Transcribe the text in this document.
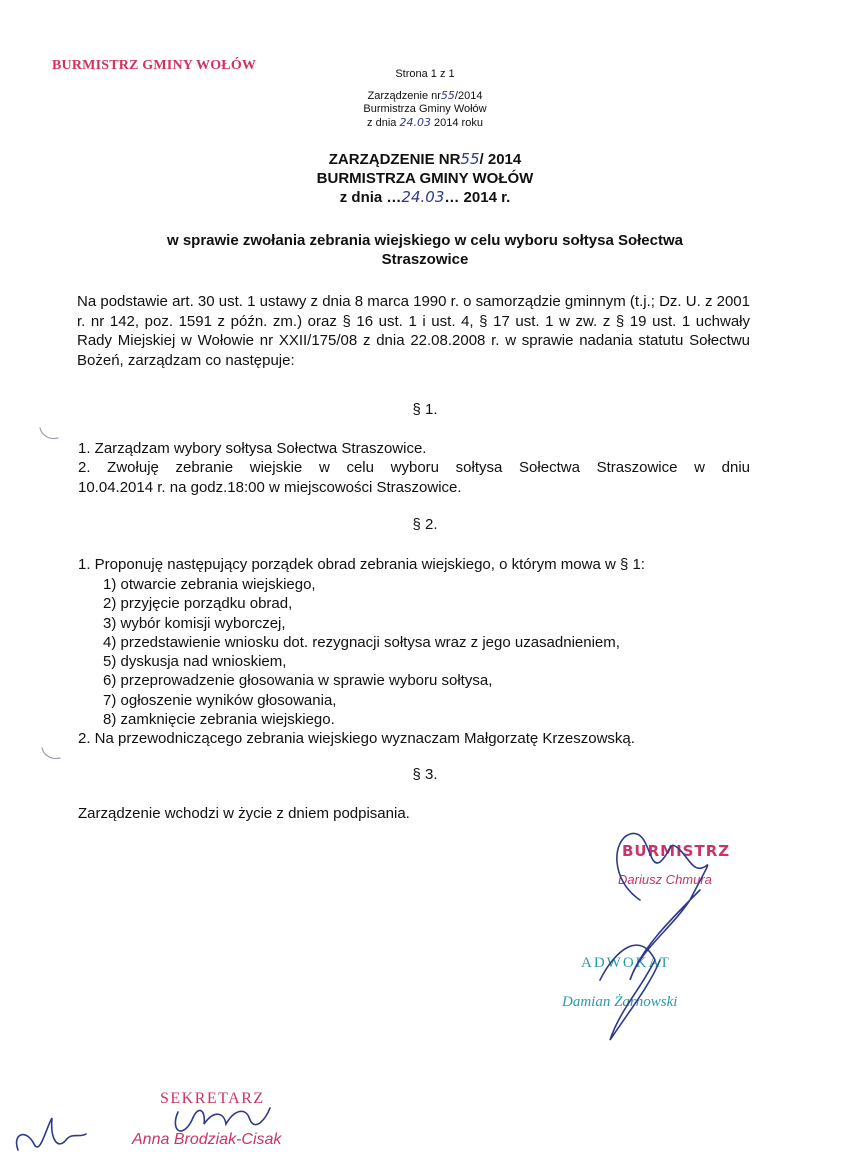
BURMISTRZ GMINY WOŁÓW
Strona 1 z 1
Zarządzenie nr55/2014
Burmistrza Gminy Wołów
z dnia 24.03 2014 roku
ZARZĄDZENIE NR55/ 2014
BURMISTRZA GMINY WOŁÓW
z dnia …24.03… 2014 r.
w sprawie zwołania zebrania wiejskiego w celu wyboru sołtysa Sołectwa
Straszowice
Na podstawie art. 30 ust. 1 ustawy z dnia 8 marca 1990 r. o samorządzie gminnym (t.j.; Dz. U. z 2001 r. nr 142, poz. 1591 z późn. zm.) oraz § 16 ust. 1 i ust. 4, § 17 ust. 1 w zw. z § 19 ust. 1 uchwały Rady Miejskiej w Wołowie nr XXII/175/08 z dnia 22.08.2008 r. w sprawie nadania statutu Sołectwu Bożeń, zarządzam co następuje:
§ 1.
1. Zarządzam wybory sołtysa Sołectwa Straszowice.
2. Zwołuję zebranie wiejskie w celu wyboru sołtysa Sołectwa Straszowice w dniu
10.04.2014 r. na godz.18:00 w miejscowości Straszowice.
§ 2.
1. Proponuję następujący porządek obrad zebrania wiejskiego, o którym mowa w § 1:
1) otwarcie zebrania wiejskiego,
2) przyjęcie porządku obrad,
3) wybór komisji wyborczej,
4) przedstawienie wniosku dot. rezygnacji sołtysa wraz z jego uzasadnieniem,
5) dyskusja nad wnioskiem,
6) przeprowadzenie głosowania w sprawie wyboru sołtysa,
7) ogłoszenie wyników głosowania,
8) zamknięcie zebrania wiejskiego.
2. Na przewodniczącego zebrania wiejskiego wyznaczam Małgorzatę Krzeszowską.
§ 3.
Zarządzenie wchodzi w życie z dniem podpisania.
BURMISTRZ
Dariusz Chmura
ADWOKAT
Damian Żarnowski
SEKRETARZ
Anna Brodziak-Cisak
